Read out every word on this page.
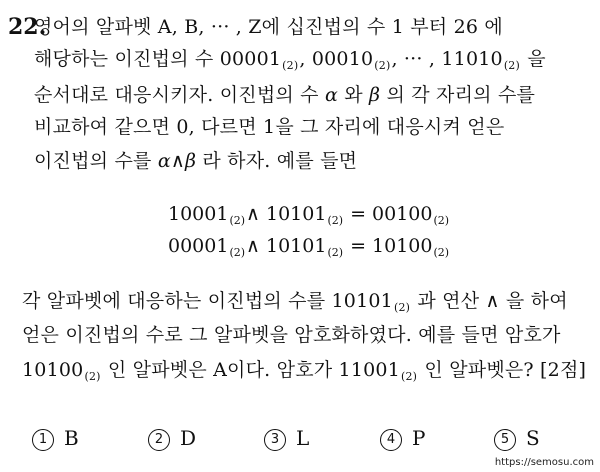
22.
영어의 알파벳 A, B, ··· , Z에 십진법의 수 1 부터 26 에
해당하는 이진법의 수 $00001_{(2)}$, $00010_{(2)}$, ··· , $11010_{(2)}$ 을
순서대로 대응시키자. 이진법의 수 α 와 β 의 각 자리의 수를
비교하여 같으면 0, 다르면 1을 그 자리에 대응시켜 얻은
이진법의 수를 α∧β 라 하자. 예를 들면
$10001_{(2)}\wedge$ $10101_{(2)} = 00100_{(2)}$
$00001_{(2)}\wedge$ $10101_{(2)} = 10100_{(2)}$
각 알파벳에 대응하는 이진법의 수를 $10101_{(2)}$ 과 연산 ∧ 을 하여
얻은 이진법의 수로 그 알파벳을 암호화하였다. 예를 들면 암호가
$10100_{(2)}$ 인 알파벳은 A이다. 암호가 $11001_{(2)}$ 인 알파벳은? [2점]
1 B	2 D	3 L	4 P	5 S
https://semosu.com
